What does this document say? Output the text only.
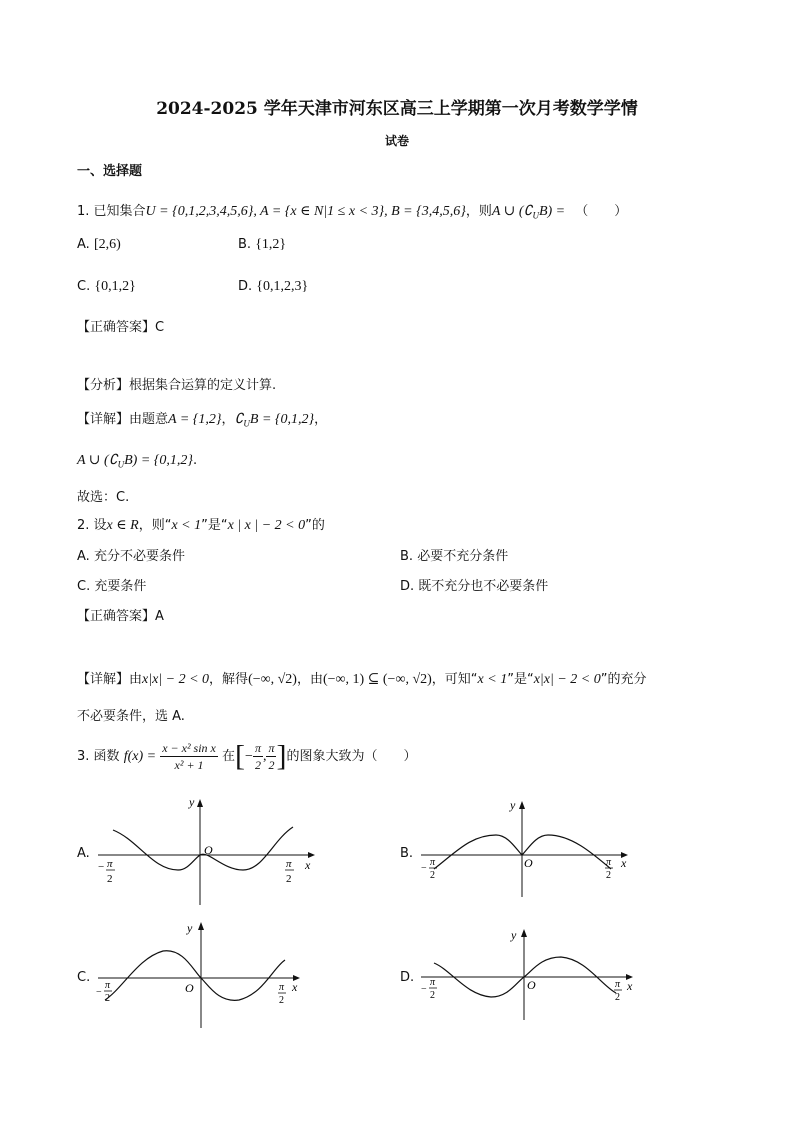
2024-2025 学年天津市河东区高三上学期第一次月考数学学情
试卷
一、选择题
1. 已知集合U = {0,1,2,3,4,5,6}, A = {x ∈ N|1 ≤ x < 3}, B = {3,4,5,6}，则A ∪ $(∁_UB)$ = （　　）
A. [2,6)	B. {1,2}
C. {0,1,2}	D. {0,1,2,3}
【正确答案】C
【分析】根据集合运算的定义计算.
【详解】由题意A = {1,2}，$∁_UB = \{0,1,2\}$，
A ∪ $(∁_UB) = \{0,1,2\}$.
故选：C.
2. 设x ∈ R，则“x < 1”是“x | x | − 2 < 0”的
A. 充分不必要条件	B. 必要不充分条件
C. 充要条件	D. 既不充分也不必要条件
【正确答案】A
【详解】由x|x| − 2 < 0，解得(−∞, √2)，由(−∞, 1) ⊆ (−∞, √2)，可知“x < 1”是“x|x| − 2 < 0”的充分
不必要条件，选 A.
3. 函数 $f(x) = \frac{\text{x − x² sin x}}{\text{x² + 1}}$ 在[− $\frac{\pi}{2}$ , $\frac{\pi}{2}$ ]的图象大致为（　　）
A.
y
x
O
− π
2
π
2
B.
y
x
O
−
π
2
π
2
C.
y
x
O
−
π
2
π
2
D.
y
x
O
−
π
2
π
2
